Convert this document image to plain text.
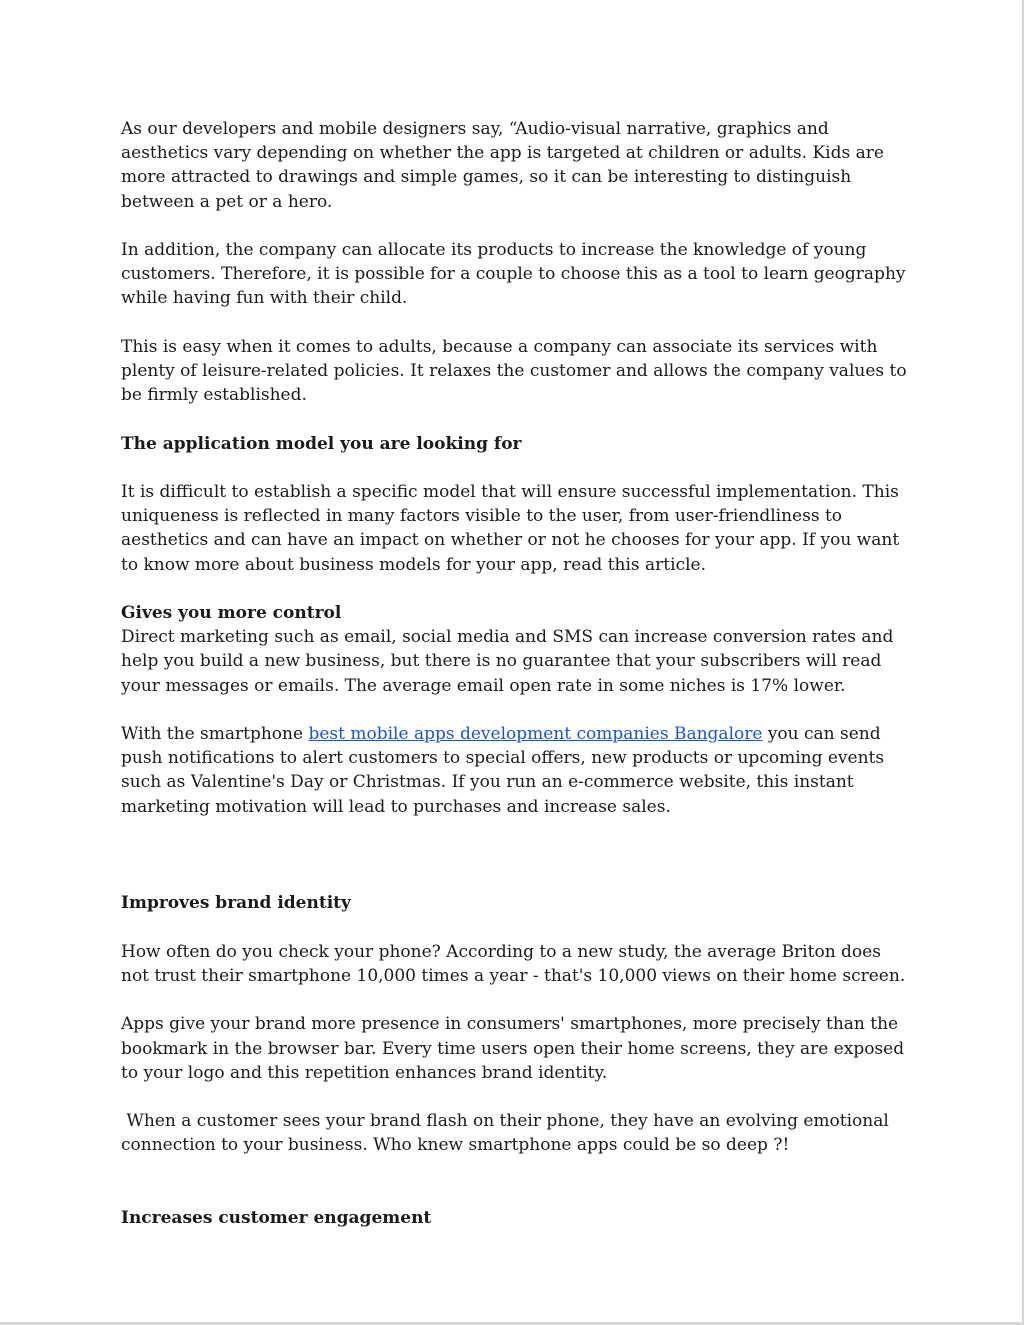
As our developers and mobile designers say, “Audio-visual narrative, graphics and aesthetics vary depending on whether the app is targeted at children or adults. Kids are more attracted to drawings and simple games, so it can be interesting to distinguish between a pet or a hero.

In addition, the company can allocate its products to increase the knowledge of young customers. Therefore, it is possible for a couple to choose this as a tool to learn geography while having fun with their child.

This is easy when it comes to adults, because a company can associate its services with plenty of leisure-related policies. It relaxes the customer and allows the company values to be firmly established.

The application model you are looking for

It is difficult to establish a specific model that will ensure successful implementation. This uniqueness is reflected in many factors visible to the user, from user-friendliness to aesthetics and can have an impact on whether or not he chooses for your app. If you want to know more about business models for your app, read this article.

Gives you more control

Direct marketing such as email, social media and SMS can increase conversion rates and help you build a new business, but there is no guarantee that your subscribers will read your messages or emails. The average email open rate in some niches is 17% lower.

With the smartphone best mobile apps development companies Bangalore you can send push notifications to alert customers to special offers, new products or upcoming events such as Valentine's Day or Christmas. If you run an e-commerce website, this instant marketing motivation will lead to purchases and increase sales.

Improves brand identity

How often do you check your phone? According to a new study, the average Briton does not trust their smartphone 10,000 times a year - that's 10,000 views on their home screen.

Apps give your brand more presence in consumers' smartphones, more precisely than the bookmark in the browser bar. Every time users open their home screens, they are exposed to your logo and this repetition enhances brand identity.

When a customer sees your brand flash on their phone, they have an evolving emotional connection to your business. Who knew smartphone apps could be so deep ?!

Increases customer engagement
